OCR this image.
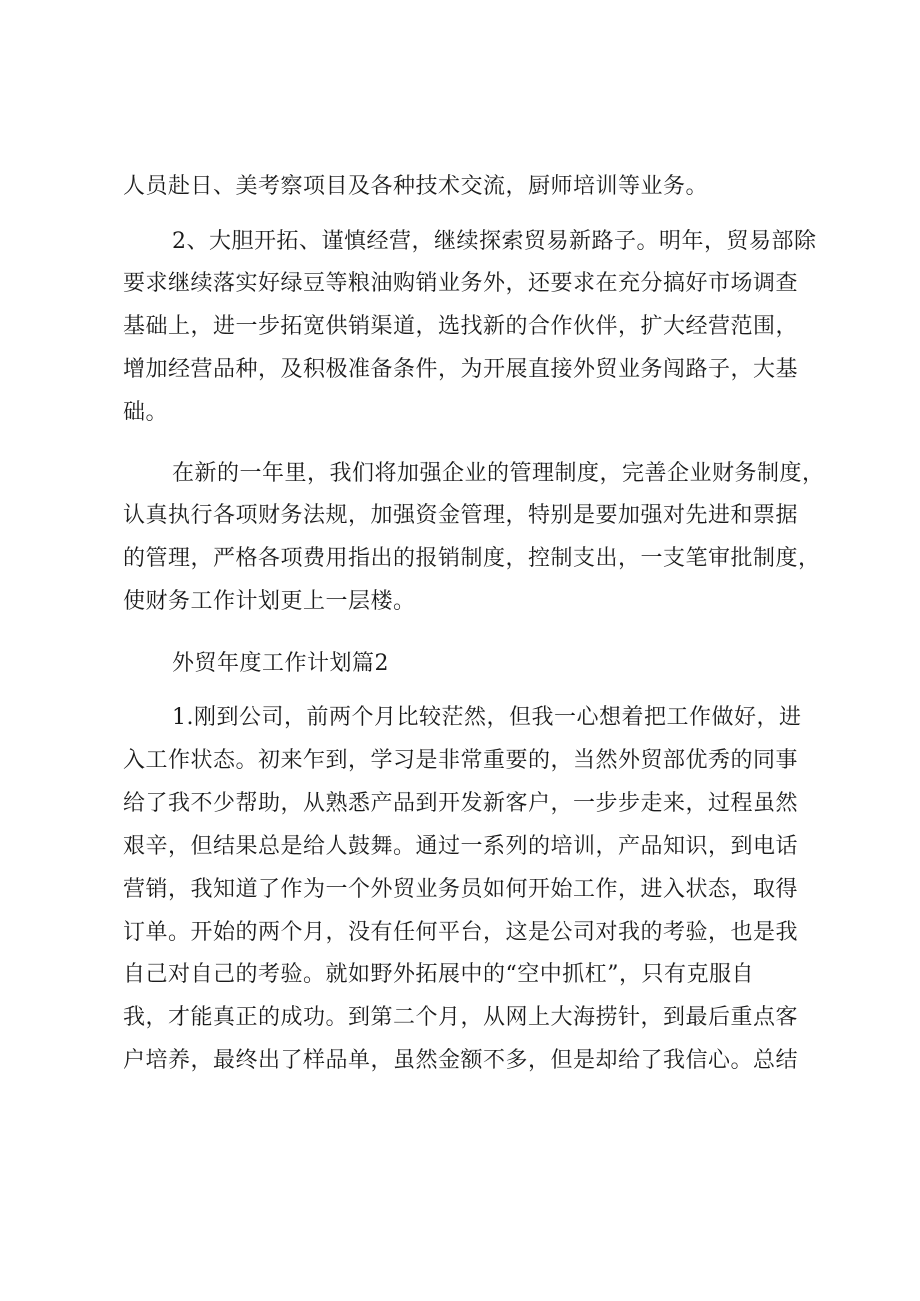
人员赴日、美考察项目及各种技术交流，厨师培训等业务。
2、大胆开拓、谨慎经营，继续探索贸易新路子。明年，贸易部除
要求继续落实好绿豆等粮油购销业务外，还要求在充分搞好市场调查
基础上，进一步拓宽供销渠道，选找新的合作伙伴，扩大经营范围，
增加经营品种，及积极准备条件，为开展直接外贸业务闯路子，大基
础。
在新的一年里，我们将加强企业的管理制度，完善企业财务制度，
认真执行各项财务法规，加强资金管理，特别是要加强对先进和票据
的管理，严格各项费用指出的报销制度，控制支出，一支笔审批制度，
使财务工作计划更上一层楼。
外贸年度工作计划篇2
1.刚到公司，前两个月比较茫然，但我一心想着把工作做好，进
入工作状态。初来乍到，学习是非常重要的，当然外贸部优秀的同事
给了我不少帮助，从熟悉产品到开发新客户，一步步走来，过程虽然
艰辛，但结果总是给人鼓舞。通过一系列的培训，产品知识，到电话
营销，我知道了作为一个外贸业务员如何开始工作，进入状态，取得
订单。开始的两个月，没有任何平台，这是公司对我的考验，也是我
自己对自己的考验。就如野外拓展中的“空中抓杠”，只有克服自
我，才能真正的成功。到第二个月，从网上大海捞针，到最后重点客
户培养，最终出了样品单，虽然金额不多，但是却给了我信心。总结
